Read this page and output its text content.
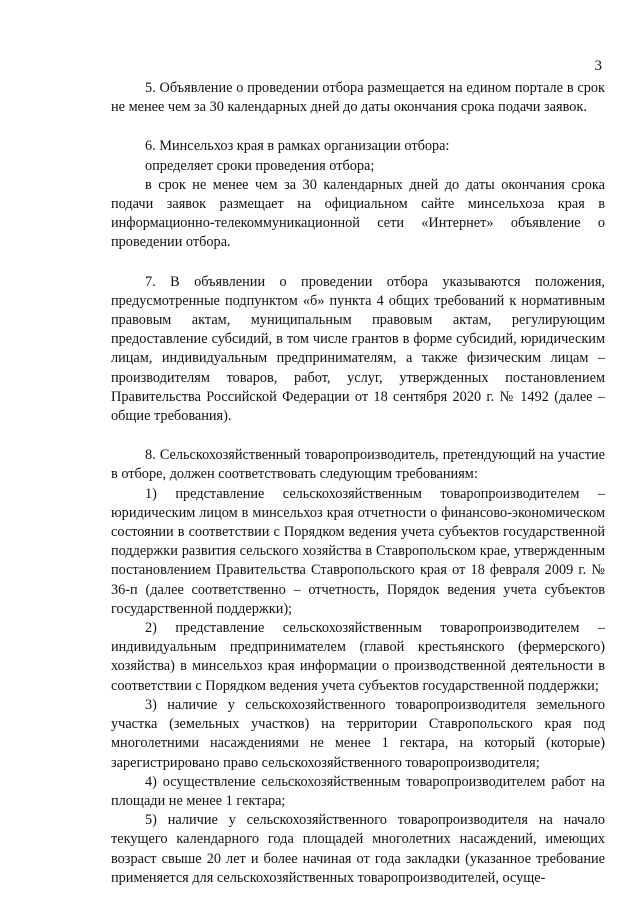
3

5. Объявление о проведении отбора размещается на едином портале в срок не менее чем за 30 календарных дней до даты окончания срока подачи заявок.

6. Минсельхоз края в рамках организации отбора:

определяет сроки проведения отбора;

в срок не менее чем за 30 календарных дней до даты окончания срока подачи заявок размещает на официальном сайте минсельхоза края в информационно-телекоммуникационной сети «Интернет» объявление о проведении отбора.

7. В объявлении о проведении отбора указываются положения, предусмотренные подпунктом «б» пункта 4 общих требований к нормативным правовым актам, муниципальным правовым актам, регулирующим предоставление субсидий, в том числе грантов в форме субсидий, юридическим лицам, индивидуальным предпринимателям, а также физическим лицам – производителям товаров, работ, услуг, утвержденных постановлением Правительства Российской Федерации от 18 сентября 2020 г. № 1492 (далее – общие требования).

8. Сельскохозяйственный товаропроизводитель, претендующий на участие в отборе, должен соответствовать следующим требованиям:

1) представление сельскохозяйственным товаропроизводителем – юридическим лицом в минсельхоз края отчетности о финансово-экономическом состоянии в соответствии с Порядком ведения учета субъектов государственной поддержки развития сельского хозяйства в Ставропольском крае, утвержденным постановлением Правительства Ставропольского края от 18 февраля 2009 г. № 36-п (далее соответственно – отчетность, Порядок ведения учета субъектов государственной поддержки);

2) представление сельскохозяйственным товаропроизводителем – индивидуальным предпринимателем (главой крестьянского (фермерского) хозяйства) в минсельхоз края информации о производственной деятельности в соответствии с Порядком ведения учета субъектов государственной поддержки;

3) наличие у сельскохозяйственного товаропроизводителя земельного участка (земельных участков) на территории Ставропольского края под многолетними насаждениями не менее 1 гектара, на который (которые) зарегистрировано право сельскохозяйственного товаропроизводителя;

4) осуществление сельскохозяйственным товаропроизводителем работ на площади не менее 1 гектара;

5) наличие у сельскохозяйственного товаропроизводителя на начало текущего календарного года площадей многолетних насаждений, имеющих возраст свыше 20 лет и более начиная от года закладки (указанное требование применяется для сельскохозяйственных товаропроизводителей, осуще-
